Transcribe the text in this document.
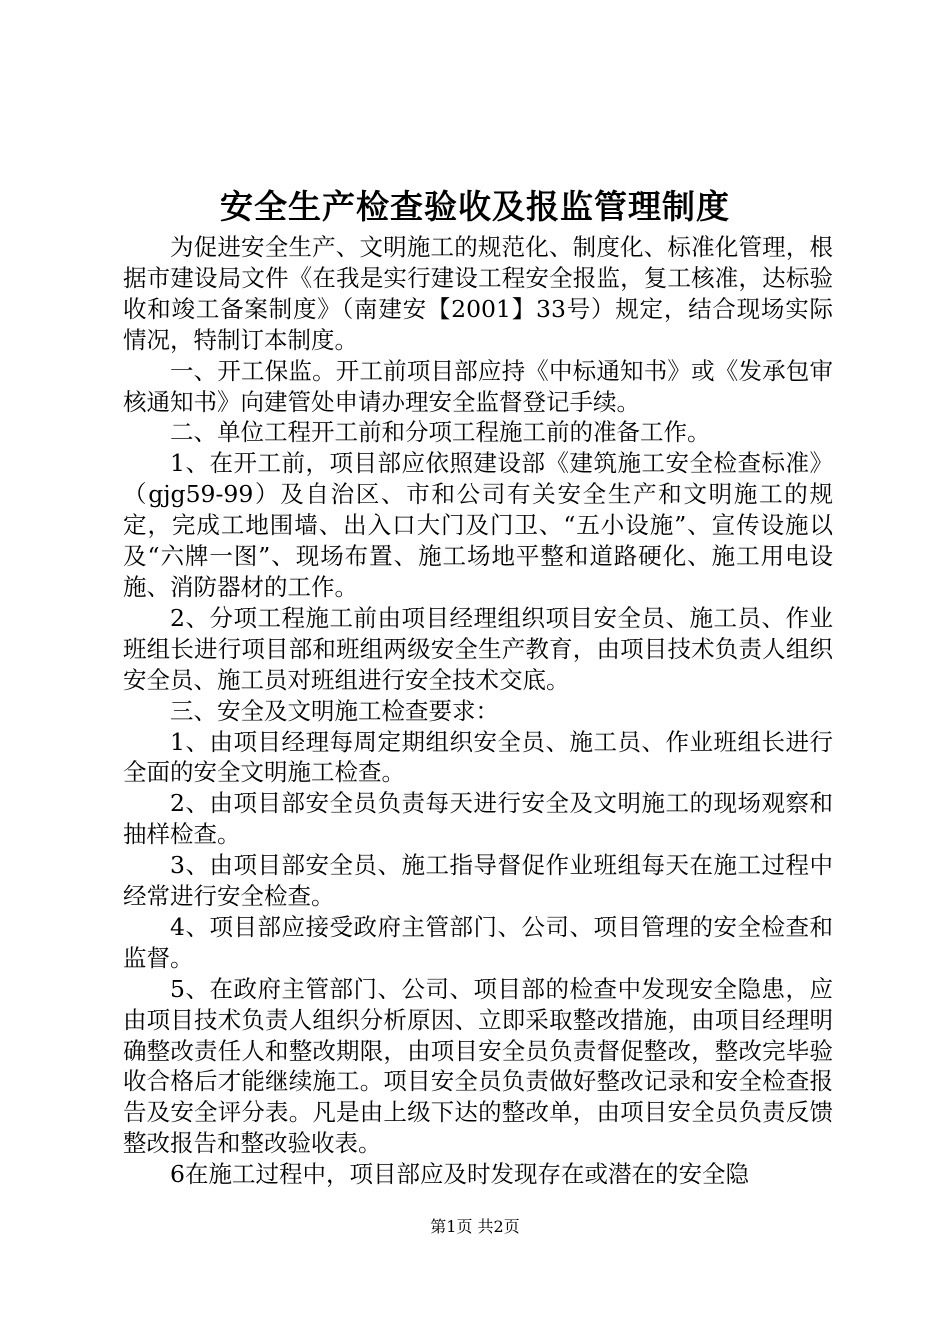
安全生产检查验收及报监管理制度

为促进安全生产、文明施工的规范化、制度化、标准化管理，根据市建设局文件《在我是实行建设工程安全报监，复工核准，达标验收和竣工备案制度》（南建安【2001】33号）规定，结合现场实际情况，特制订本制度。

一、开工保监。开工前项目部应持《中标通知书》或《发承包审核通知书》向建管处申请办理安全监督登记手续。

二、单位工程开工前和分项工程施工前的准备工作。

1、在开工前，项目部应依照建设部《建筑施工安全检查标准》（gjg59-99）及自治区、市和公司有关安全生产和文明施工的规定，完成工地围墙、出入口大门及门卫、“五小设施”、宣传设施以及“六牌一图”、现场布置、施工场地平整和道路硬化、施工用电设施、消防器材的工作。

2、分项工程施工前由项目经理组织项目安全员、施工员、作业班组长进行项目部和班组两级安全生产教育，由项目技术负责人组织安全员、施工员对班组进行安全技术交底。

三、安全及文明施工检查要求：

1、由项目经理每周定期组织安全员、施工员、作业班组长进行全面的安全文明施工检查。

2、由项目部安全员负责每天进行安全及文明施工的现场观察和抽样检查。

3、由项目部安全员、施工指导督促作业班组每天在施工过程中经常进行安全检查。

4、项目部应接受政府主管部门、公司、项目管理的安全检查和监督。

5、在政府主管部门、公司、项目部的检查中发现安全隐患，应由项目技术负责人组织分析原因、立即采取整改措施，由项目经理明确整改责任人和整改期限，由项目安全员负责督促整改，整改完毕验收合格后才能继续施工。项目安全员负责做好整改记录和安全检查报告及安全评分表。凡是由上级下达的整改单，由项目安全员负责反馈整改报告和整改验收表。

6在施工过程中，项目部应及时发现存在或潜在的安全隐

第1页 共2页
